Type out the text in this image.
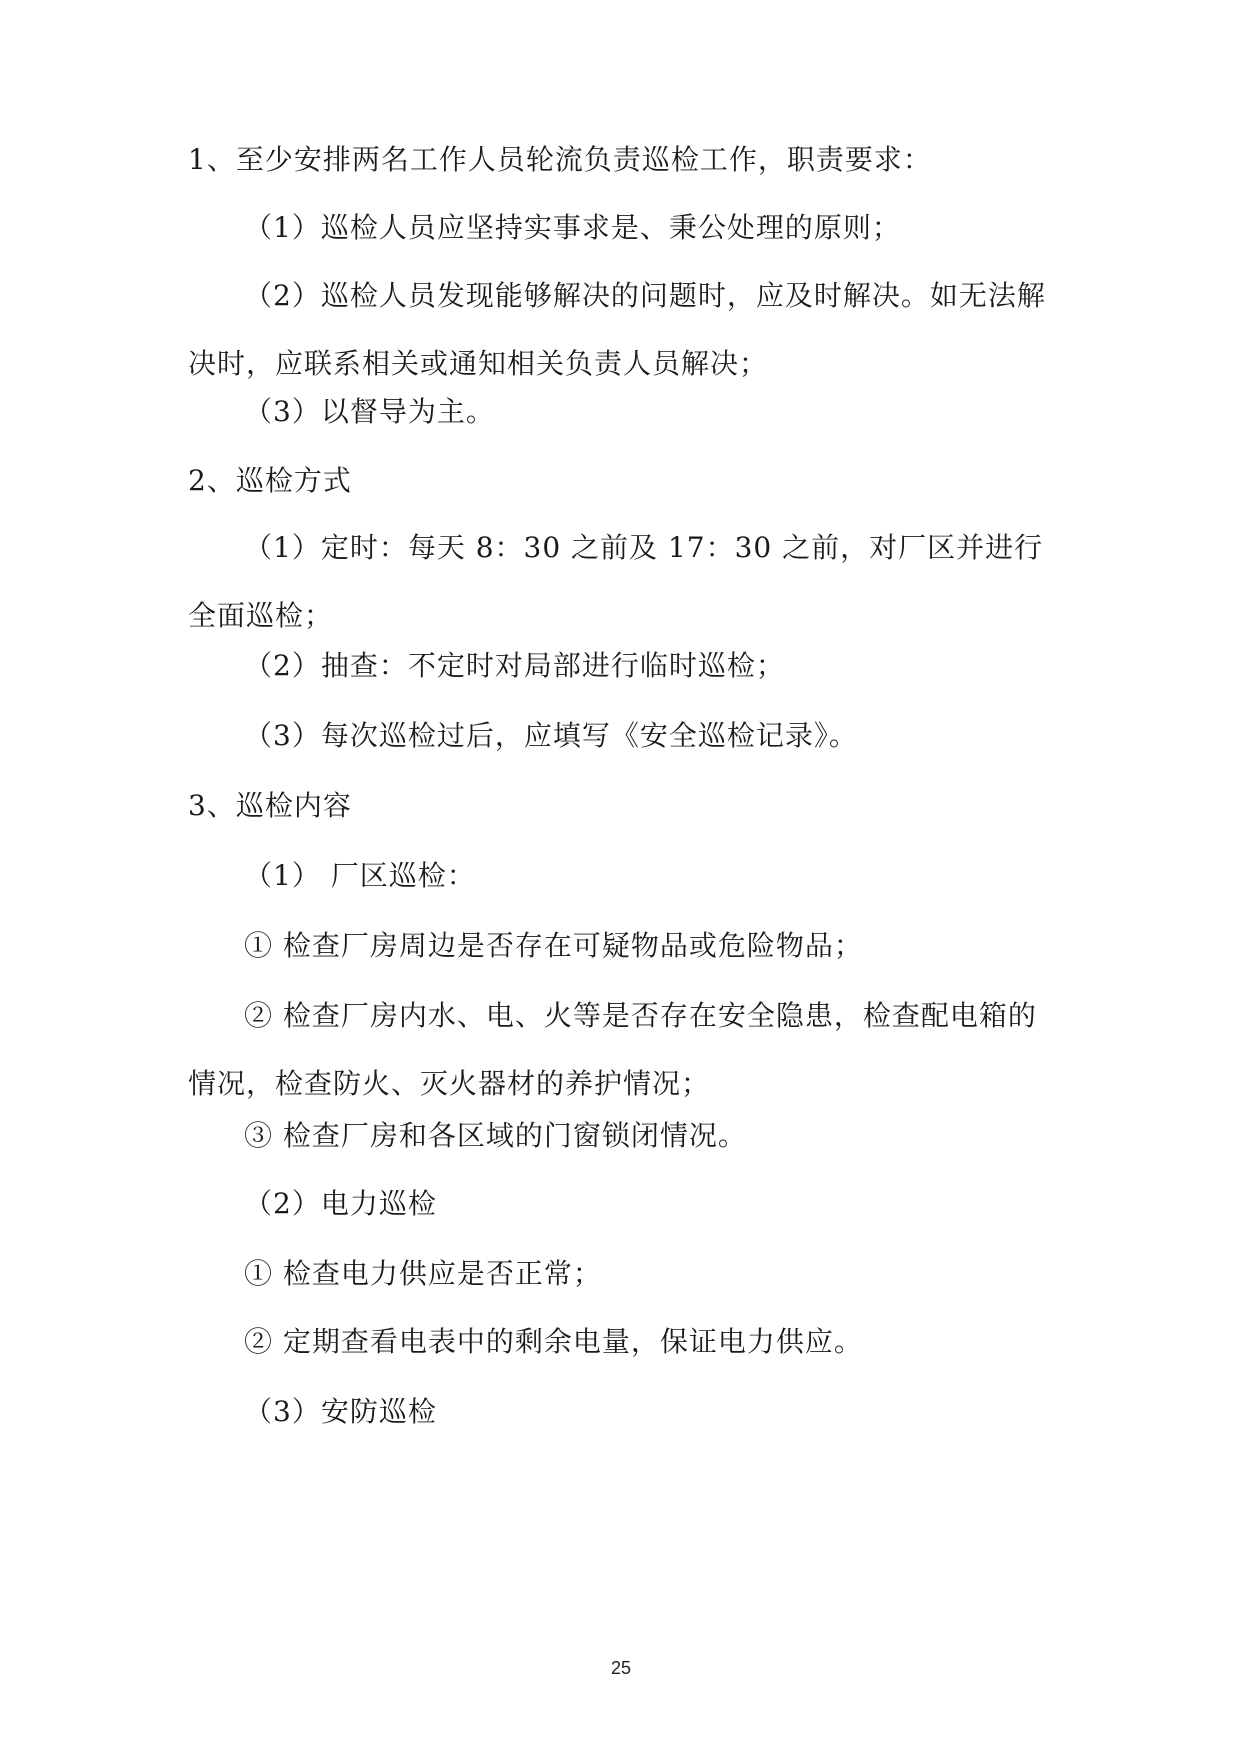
1、至少安排两名工作人员轮流负责巡检工作，职责要求：

（1）巡检人员应坚持实事求是、秉公处理的原则；

（2）巡检人员发现能够解决的问题时，应及时解决。如无法解决时，应联系相关或通知相关负责人员解决；

（3）以督导为主。

2、巡检方式

（1）定时：每天 8：30 之前及 17：30 之前，对厂区并进行全面巡检；

（2）抽查：不定时对局部进行临时巡检；

（3）每次巡检过后，应填写《安全巡检记录》。

3、巡检内容

（1） 厂区巡检：

① 检查厂房周边是否存在可疑物品或危险物品；

② 检查厂房内水、电、火等是否存在安全隐患，检查配电箱的情况，检查防火、灭火器材的养护情况；

③ 检查厂房和各区域的门窗锁闭情况。

（2）电力巡检

① 检查电力供应是否正常；

② 定期查看电表中的剩余电量，保证电力供应。

（3）安防巡检

25
